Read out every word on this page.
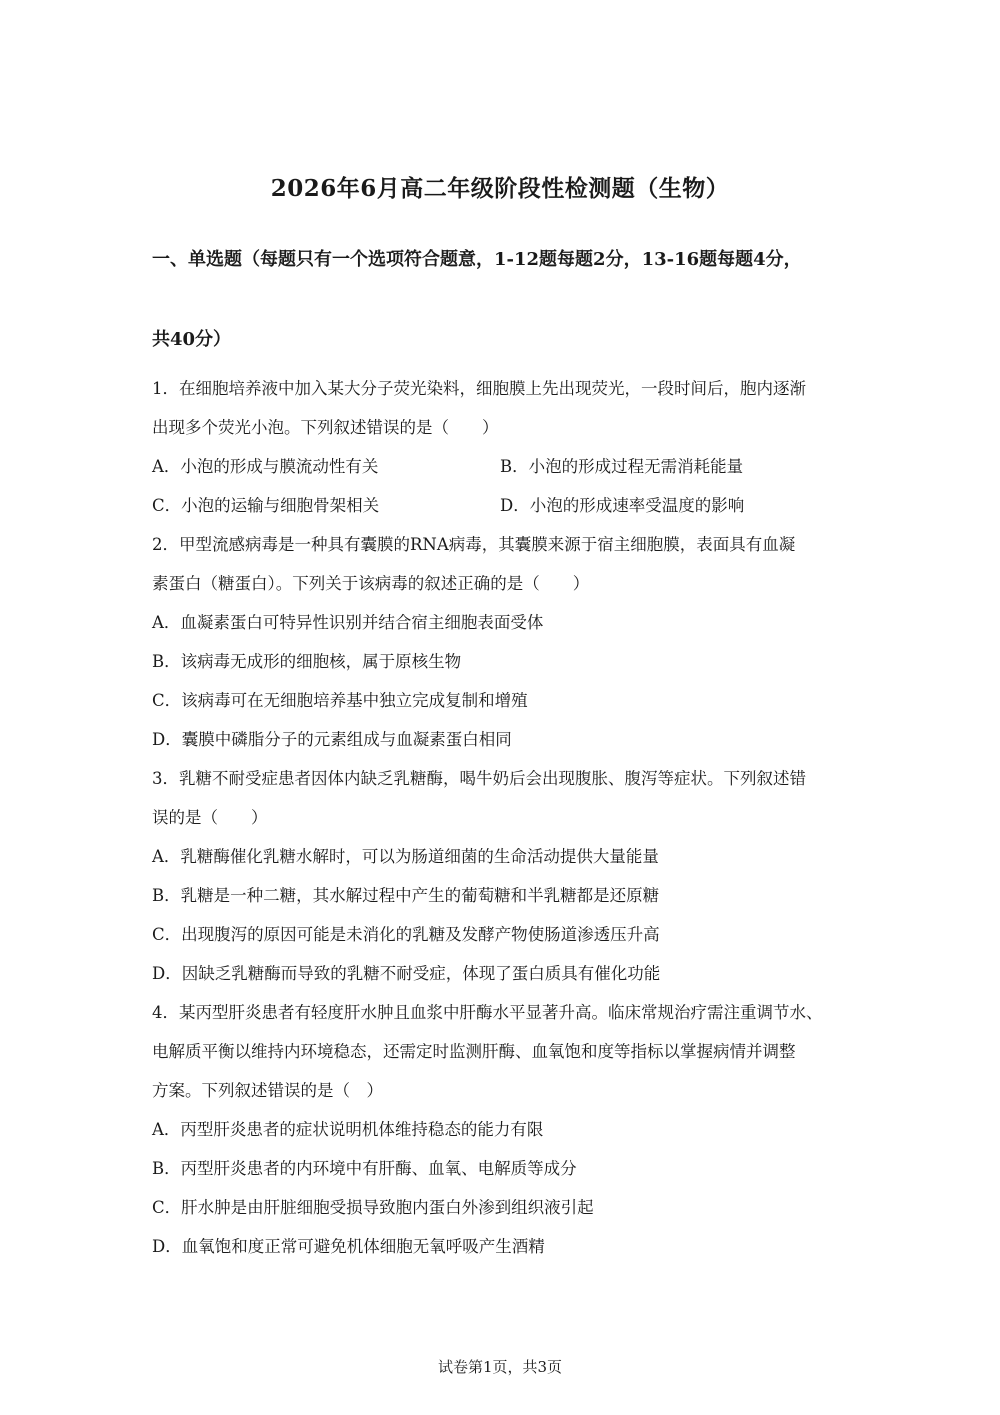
2026年6月高二年级阶段性检测题（生物）
一、单选题（每题只有一个选项符合题意，1-12题每题2分，13-16题每题4分，
共40分）
1．在细胞培养液中加入某大分子荧光染料，细胞膜上先出现荧光，一段时间后，胞内逐渐
出现多个荧光小泡。下列叙述错误的是（　　）
A．小泡的形成与膜流动性有关	B．小泡的形成过程无需消耗能量
C．小泡的运输与细胞骨架相关	D．小泡的形成速率受温度的影响
2．甲型流感病毒是一种具有囊膜的RNA病毒，其囊膜来源于宿主细胞膜，表面具有血凝
素蛋白（糖蛋白）。下列关于该病毒的叙述正确的是（　　）
A．血凝素蛋白可特异性识别并结合宿主细胞表面受体
B．该病毒无成形的细胞核，属于原核生物
C．该病毒可在无细胞培养基中独立完成复制和增殖
D．囊膜中磷脂分子的元素组成与血凝素蛋白相同
3．乳糖不耐受症患者因体内缺乏乳糖酶，喝牛奶后会出现腹胀、腹泻等症状。下列叙述错
误的是（　　）
A．乳糖酶催化乳糖水解时，可以为肠道细菌的生命活动提供大量能量
B．乳糖是一种二糖，其水解过程中产生的葡萄糖和半乳糖都是还原糖
C．出现腹泻的原因可能是未消化的乳糖及发酵产物使肠道渗透压升高
D．因缺乏乳糖酶而导致的乳糖不耐受症，体现了蛋白质具有催化功能
4．某丙型肝炎患者有轻度肝水肿且血浆中肝酶水平显著升高。临床常规治疗需注重调节水、
电解质平衡以维持内环境稳态，还需定时监测肝酶、血氧饱和度等指标以掌握病情并调整
方案。下列叙述错误的是（　）
A．丙型肝炎患者的症状说明机体维持稳态的能力有限
B．丙型肝炎患者的内环境中有肝酶、血氧、电解质等成分
C．肝水肿是由肝脏细胞受损导致胞内蛋白外渗到组织液引起
D．血氧饱和度正常可避免机体细胞无氧呼吸产生酒精
试卷第1页，共3页
